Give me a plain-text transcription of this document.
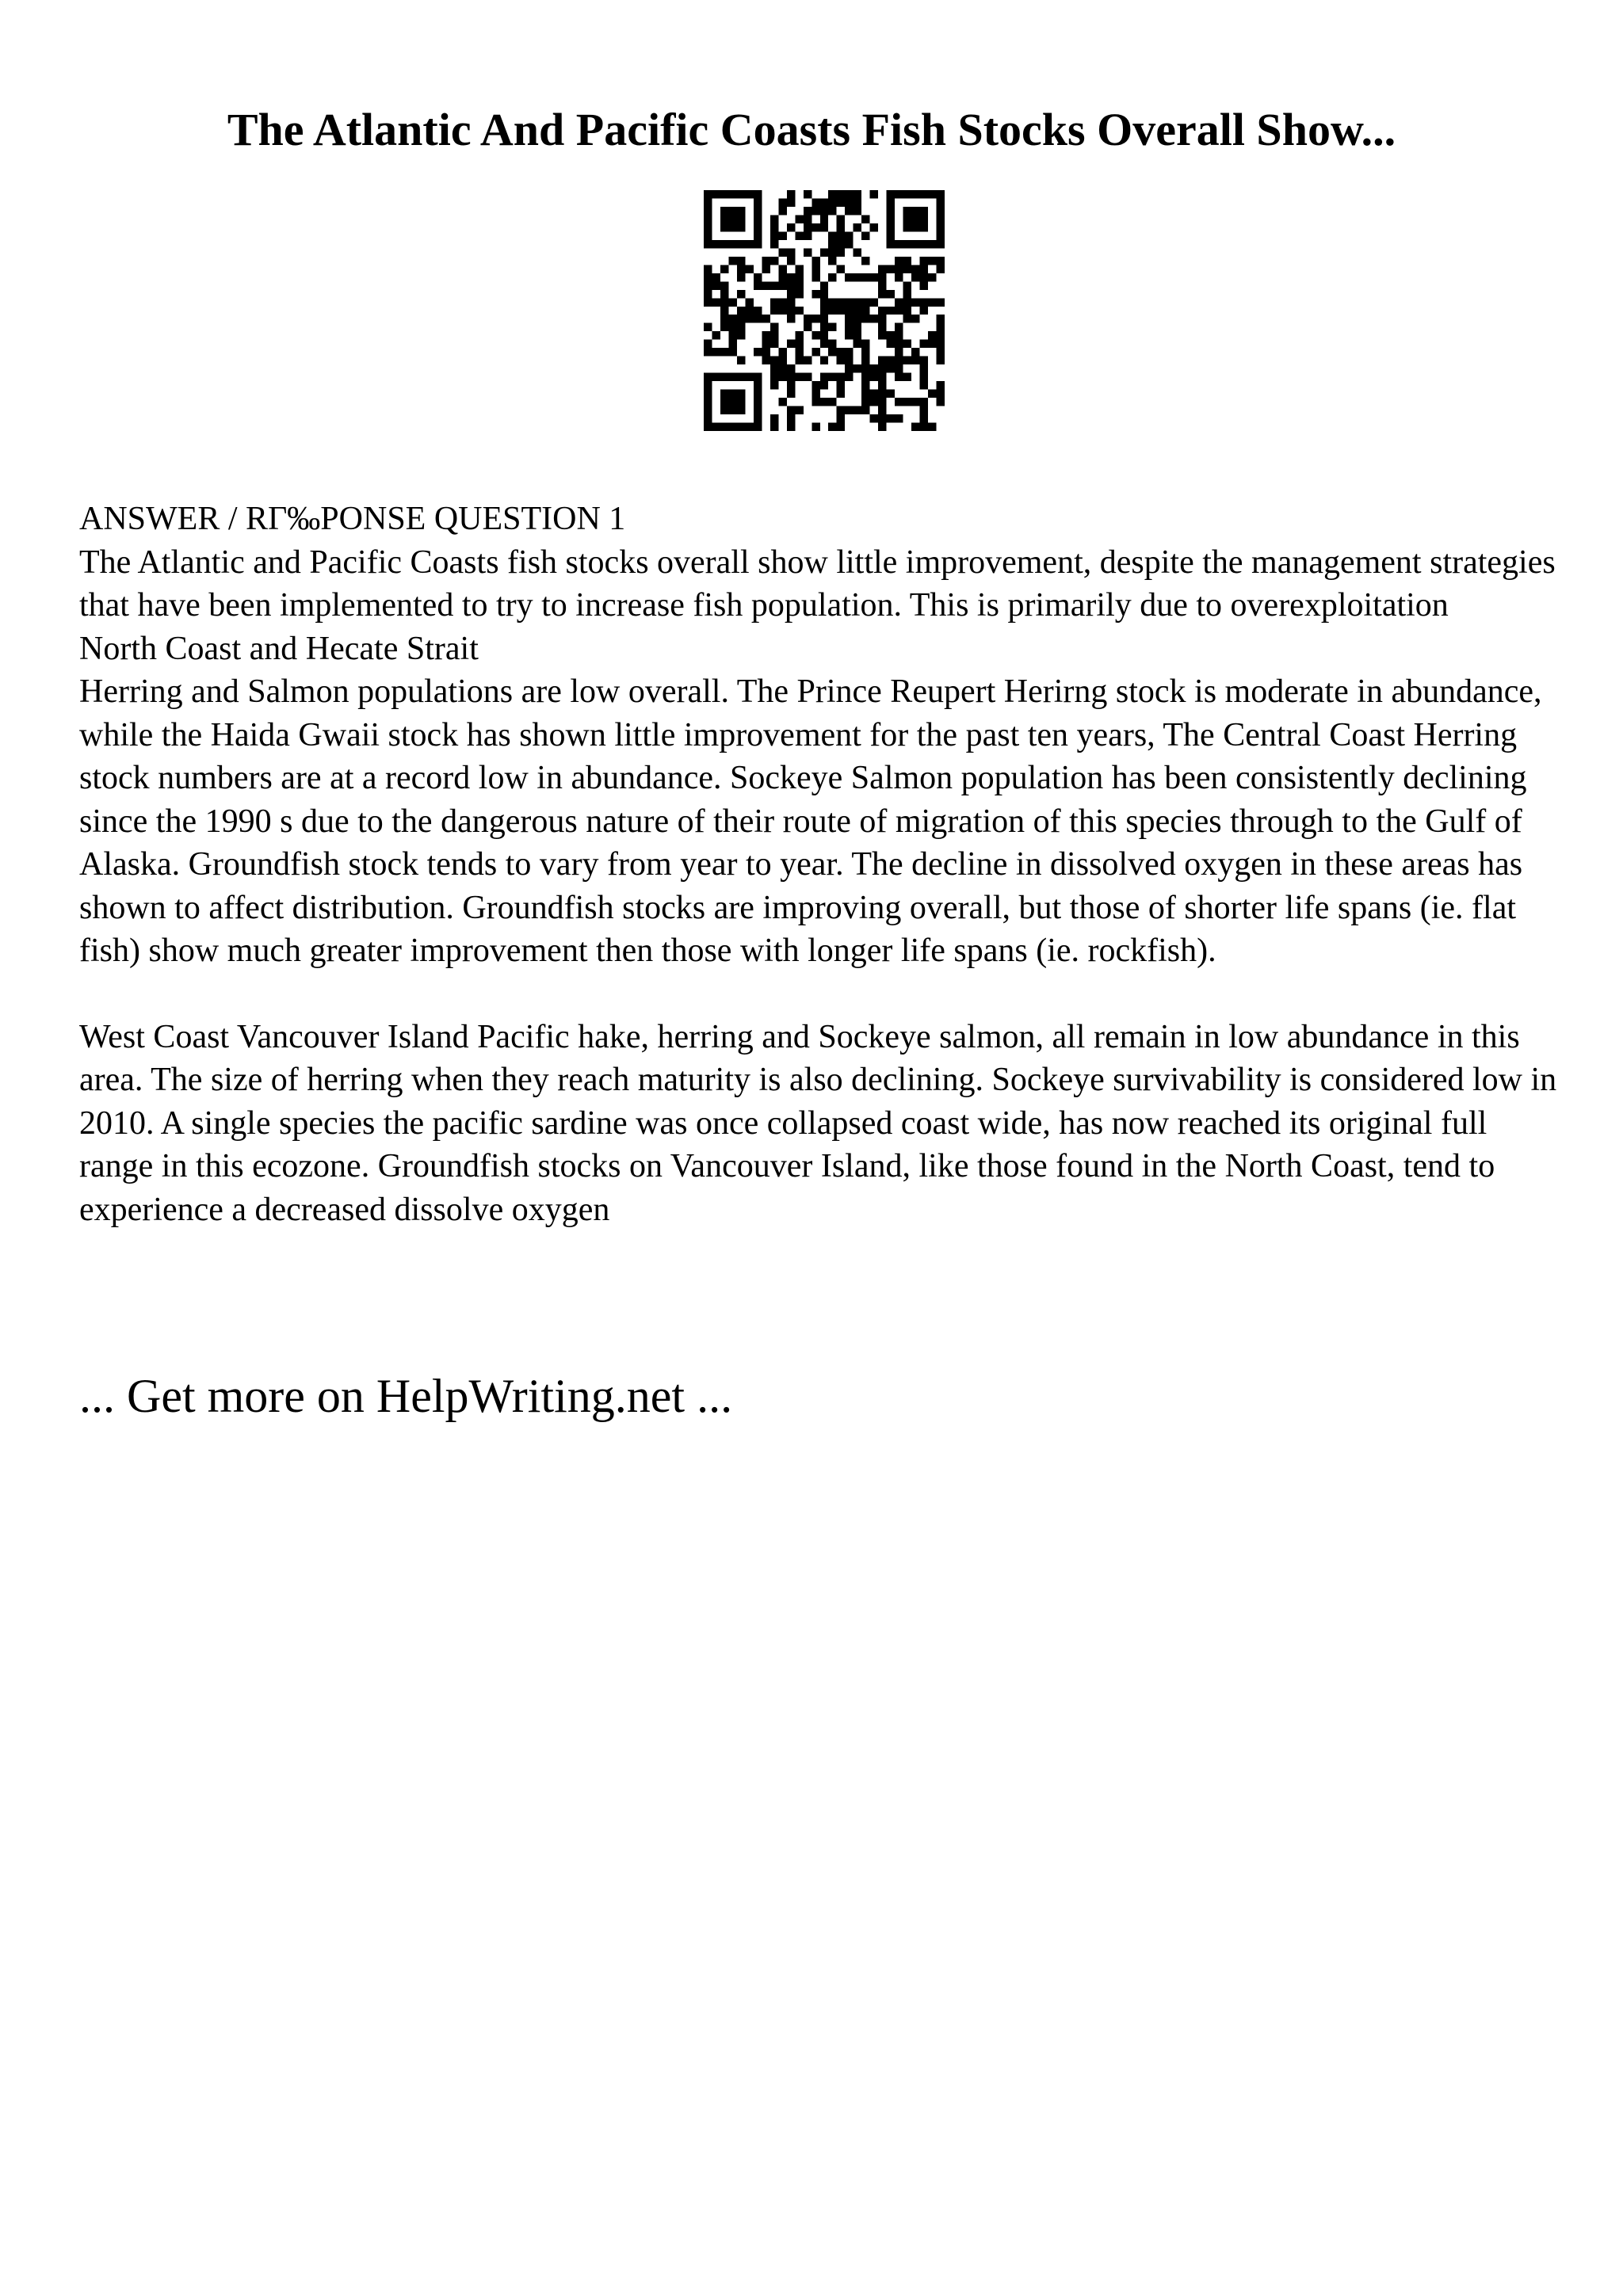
The Atlantic And Pacific Coasts Fish Stocks Overall Show...

ANSWER / RГ‰PONSE QUESTION 1

The Atlantic and Pacific Coasts fish stocks overall show little improvement, despite the management strategies that have been implemented to try to increase fish population. This is primarily due to overexploitation

North Coast and Hecate Strait

Herring and Salmon populations are low overall. The Prince Reupert Herirng stock is moderate in abundance, while the Haida Gwaii stock has shown little improvement for the past ten years, The Central Coast Herring stock numbers are at a record low in abundance. Sockeye Salmon population has been consistently declining since the 1990 s due to the dangerous nature of their route of migration of this species through to the Gulf of Alaska. Groundfish stock tends to vary from year to year. The decline in dissolved oxygen in these areas has shown to affect distribution. Groundfish stocks are improving overall, but those of shorter life spans (ie. flat fish) show much greater improvement then those with longer life spans (ie. rockfish).

West Coast Vancouver Island Pacific hake, herring and Sockeye salmon, all remain in low abundance in this area. The size of herring when they reach maturity is also declining. Sockeye survivability is considered low in 2010. A single species the pacific sardine was once collapsed coast wide, has now reached its original full range in this ecozone. Groundfish stocks on Vancouver Island, like those found in the North Coast, tend to experience a decreased dissolve oxygen

... Get more on HelpWriting.net ...
